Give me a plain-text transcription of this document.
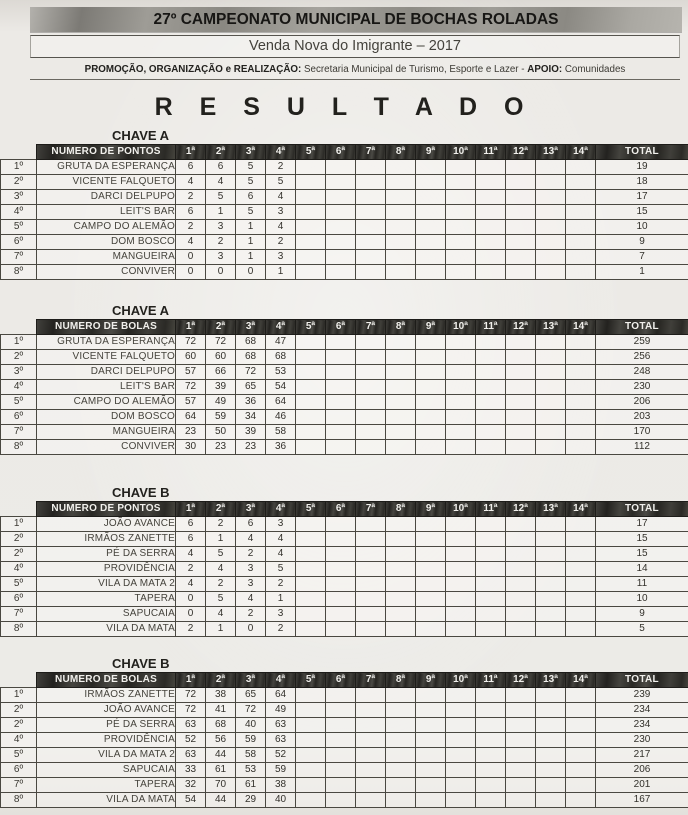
27º CAMPEONATO MUNICIPAL DE BOCHAS ROLADAS
Venda Nova do Imigrante – 2017
PROMOÇÃO, ORGANIZAÇÃO e REALIZAÇÃO: Secretaria Municipal de Turismo, Esporte e Lazer - APOIO: Comunidades
R E S U L T A D O
CHAVE A
	NUMERO DE PONTOS	1ª	2ª	3ª	4ª	5ª	6ª	7ª	8ª	9ª	10ª	11ª	12ª	13ª	14ª	TOTAL
1º	GRUTA DA ESPERANÇA	6	6	5	2											19
2º	VICENTE FALQUETO	4	4	5	5											18
3º	DARCI DELPUPO	2	5	6	4											17
4º	LEIT'S BAR	6	1	5	3											15
5º	CAMPO DO ALEMÃO	2	3	1	4											10
6º	DOM BOSCO	4	2	1	2											9
7º	MANGUEIRA	0	3	1	3											7
8º	CONVIVER	0	0	0	1											1
CHAVE A
	NUMERO DE BOLAS	1ª	2ª	3ª	4ª	5ª	6ª	7ª	8ª	9ª	10ª	11ª	12ª	13ª	14ª	TOTAL
1º	GRUTA DA ESPERANÇA	72	72	68	47											259
2º	VICENTE FALQUETO	60	60	68	68											256
3º	DARCI DELPUPO	57	66	72	53											248
4º	LEIT'S BAR	72	39	65	54											230
5º	CAMPO DO ALEMÃO	57	49	36	64											206
6º	DOM BOSCO	64	59	34	46											203
7º	MANGUEIRA	23	50	39	58											170
8º	CONVIVER	30	23	23	36											112
CHAVE B
	NUMERO DE PONTOS	1ª	2ª	3ª	4ª	5ª	6ª	7ª	8ª	9ª	10ª	11ª	12ª	13ª	14ª	TOTAL
1º	JOÃO AVANCE	6	2	6	3											17
2º	IRMÃOS ZANETTE	6	1	4	4											15
2º	PÉ DA SERRA	4	5	2	4											15
4º	PROVIDÊNCIA	2	4	3	5											14
5º	VILA DA MATA 2	4	2	3	2											11
6º	TAPERA	0	5	4	1											10
7º	SAPUCAIA	0	4	2	3											9
8º	VILA DA MATA	2	1	0	2											5
CHAVE B
	NUMERO DE BOLAS	1ª	2ª	3ª	4ª	5ª	6ª	7ª	8ª	9ª	10ª	11ª	12ª	13ª	14ª	TOTAL
1º	IRMÃOS ZANETTE	72	38	65	64											239
2º	JOÃO AVANCE	72	41	72	49											234
2º	PÉ DA SERRA	63	68	40	63											234
4º	PROVIDÊNCIA	52	56	59	63											230
5º	VILA DA MATA 2	63	44	58	52											217
6º	SAPUCAIA	33	61	53	59											206
7º	TAPERA	32	70	61	38											201
8º	VILA DA MATA	54	44	29	40											167
